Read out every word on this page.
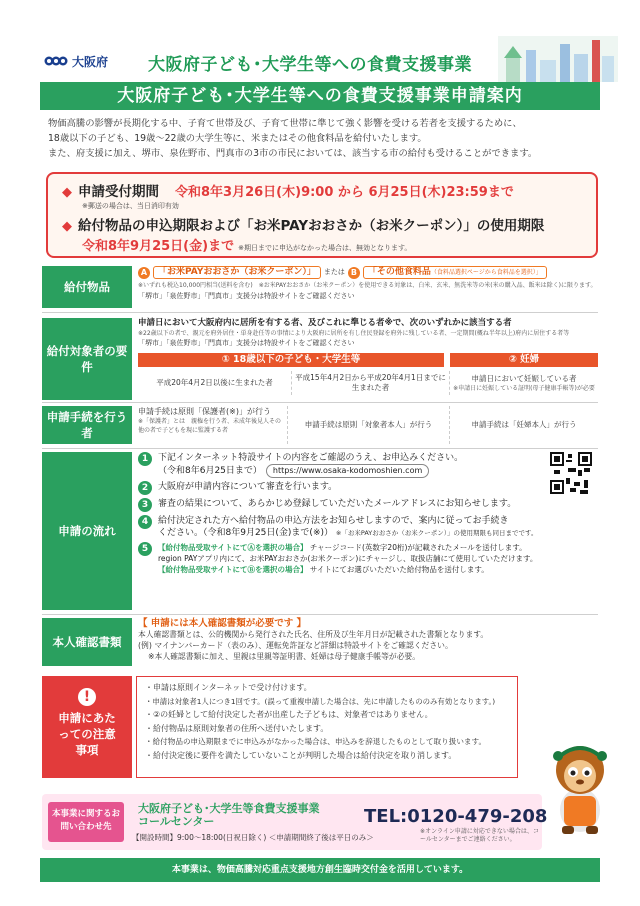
大阪府 大阪府子ども･大学生等への食費支援事業
大阪府子ども･大学生等への食費支援事業申請案内

物価高騰の影響が長期化する中、子育て世帯及び、子育て世帯に準じて強く影響を受ける若者を支援するために、

18歳以下の子ども、19歳～22歳の大学生等に、米またはその他食料品を給付いたします。

また、府支援に加え、堺市、泉佐野市、門真市の3市の市民においては、該当する市の給付も受けることができます。

◆ 申請受付期間 令和8年3月26日(木)9:00 から 6月25日(木)23:59まで
※郵送の場合は、当日消印有効
◆ 給付物品の申込期限および「お米PAYおおさか（お米クーポン）」の使用期限
令和8年9月25日(金)まで ※期日までに申込がなかった場合は、無効となります。
給付物品
A	「お米PAYおおさか（お米クーポン）」	または B	「その他食料品（食料品選択ページから食料品を選択）」
※いずれも税込10,000円相当(送料を含む)　※お米PAYおおさか（お米クーポン）を使用できる対象は、白米、玄米、無洗米等の米(米の購入品、飯米は除く)に限ります。
「堺市」「泉佐野市」「門真市」支援分は特設サイトをご確認ください
給付対象者の要件
申請日において大阪府内に居所を有する者、及びこれに準じる者※で、次のいずれかに該当する者
※22歳以下の者で、親元を府外居住・単身赴任等の事情により大阪府に居所を有し住民登録を府外に残している者、一定期間(概ね半年以上)府内に居住する者等
「堺市」「泉佐野市」「門真市」支援分は特設サイトをご確認ください
① 18歳以下の子ども・大学生等	② 妊婦
平成20年4月2日以後に生まれた者
平成15年4月2日から平成20年4月1日までに生まれた者
申請日において妊娠している者
※申請日に妊娠している証明(母子健康手帳等)が必要
申請手続を行う者
申請手続は原則「保護者(※)」が行う
※「保護者」とは　親権を行う者、未成年後見人その他の者で子どもを現に監護する者
申請手続は原則「対象者本人」が行う	申請手続は「妊婦本人」が行う
申請の流れ
1	下記インターネット特設サイトの内容をご確認のうえ、お申込みください。
（令和8年6月25日まで） https://www.osaka-kodomoshien.com
2	大阪府が申請内容について審査を行います。
3	審査の結果について、あらかじめ登録していただいたメールアドレスにお知らせします。
4	給付決定された方へ給付物品の申込方法をお知らせしますので、案内に従ってお手続き
ください。（令和8年9月25日(金)まで(※)） ※「お米PAYおおさか（お米クーポン）」の使用期限も同日までです。
5	【給付物品受取サイトにてⒶを選択の場合】 チャージコード(英数字20桁)が記載されたメールを送付します。
region PAYアプリ内にて、お米PAYおおさか(お米クーポン)にチャージし、取扱店舗にて使用していただけます。
【給付物品受取サイトにてⒷを選択の場合】 サイトにてお選びいただいた給付物品を送付します。
本人確認書類
【 申請には本人確認書類が必要です 】
本人確認書類とは、公的機関から発行された氏名、住所及び生年月日が記載された書類となります。
(例) マイナンバーカード（表のみ）、運転免許証など詳細は特設サイトをご確認ください。
※本人確認書類に加え、里親は里親等証明書、妊婦は母子健康手帳等が必要。
!
申請にあたっての注意事項
・申請は原則インターネットで受け付けます。
・申請は対象者1人につき1回です。(誤って重複申請した場合は、先に申請したもののみ有効となります。)
・②の妊婦として給付決定した者が出産した子どもは、対象者ではありません。
・給付物品は原則対象者の住所へ送付いたします。
・給付物品の申込期限までに申込みがなかった場合は、申込みを辞退したものとして取り扱います。
・給付決定後に要件を満たしていないことが判明した場合は給付決定を取り消します。
本事業に関するお問い合わせ先
大阪府子ども･大学生等食費支援事業
コールセンター	TEL:0120-479-208
【開設時間】9:00～18:00(日祝日除く) ＜申請期間終了後は平日のみ＞
※オンライン申請に対応できない場合は、コールセンターまでご連絡ください。
本事業は、物価高騰対応重点支援地方創生臨時交付金を活用しています。
